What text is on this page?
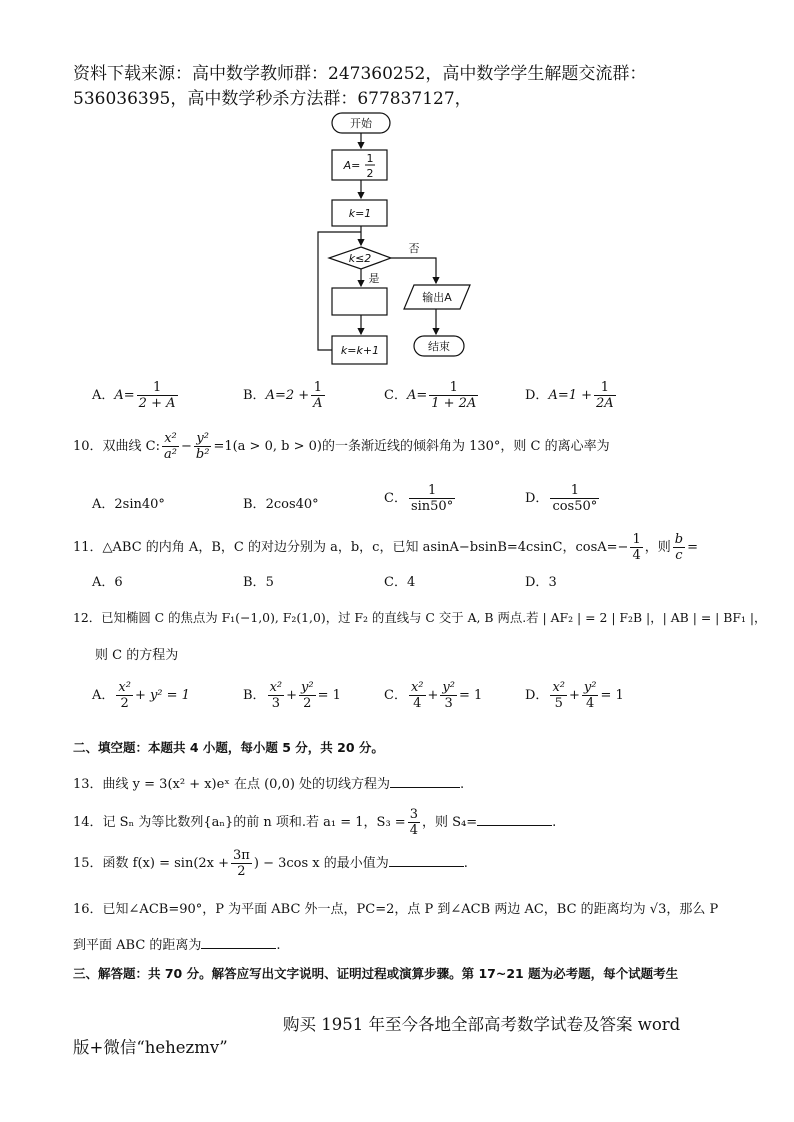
资料下载来源：高中数学教师群：247360252，高中数学学生解题交流群：
536036395，高中数学秒杀方法群：677837127，
开始
A=
1
2
k=1
k≤2
是
否
输出A
k=k+1	结束
A．$A= \frac{1}{2 + A}$	B．$A=2 + \frac{1}{A}$	C．$A= \frac{1}{1 + 2A}$	D．$A=1 + \frac{1}{2A}$
10．双曲线 C: $\frac{\text{x²}}{\text{a²}} - \frac{\text{y²}}{\text{b²}} =1(a > 0$, b > 0)的一条渐近线的倾斜角为 130°，则 C 的离心率为
A．2sin40°	B．2cos40°	C． $\frac{1}{\sin 50^\circ}$	D． $\frac{1}{\cos 50^\circ}$
11．△ABC 的内角 A，B，C 的对边分别为 a，b，c，已知 asinA−bsinB=4csinC，$\cos A=- \frac{1}{4}$ ，则 $\frac{b}{c}$ =
A．6	B．5	C．4	D．3
12．已知椭圆 C 的焦点为 F₁(−1,0), F₂(1,0)，过 F₂ 的直线与 C 交于 A, B 两点.若 | AF₂ | = 2 | F₂B |，| AB | = | BF₁ |，
则 C 的方程为
A． $\frac{\text{x²}}{2} + y^2 = 1$	B． $\frac{\text{x²}}{3} + \frac{\text{y²}}{2} = 1$	C． $\frac{\text{x²}}{4} + \frac{\text{y²}}{3} = 1$	D． $\frac{\text{x²}}{5} + \frac{\text{y²}}{4} = 1$
二、填空题：本题共 4 小题，每小题 5 分，共 20 分。
13．曲线 y = 3(x² + x)eˣ 在点 (0,0) 处的切线方程为	.
14．记 Sₙ 为等比数列{aₙ}的前 n 项和.若 a₁ = 1，$S_3 = \frac{3}{4}$ ，则 S₄=	.
15．函数 $f(x) = \sin(2x + \frac{3\pi}{2}$ ) − 3cos x 的最小值为	.
16．已知∠ACB=90°，P 为平面 ABC 外一点，PC=2，点 P 到∠ACB 两边 AC，BC 的距离均为 √3，那么 P
到平面 ABC 的距离为	.
三、解答题：共 70 分。解答应写出文字说明、证明过程或演算步骤。第 17~21 题为必考题，每个试题考生
购买 1951 年至今各地全部高考数学试卷及答案 word
版+微信“hehezmv”
